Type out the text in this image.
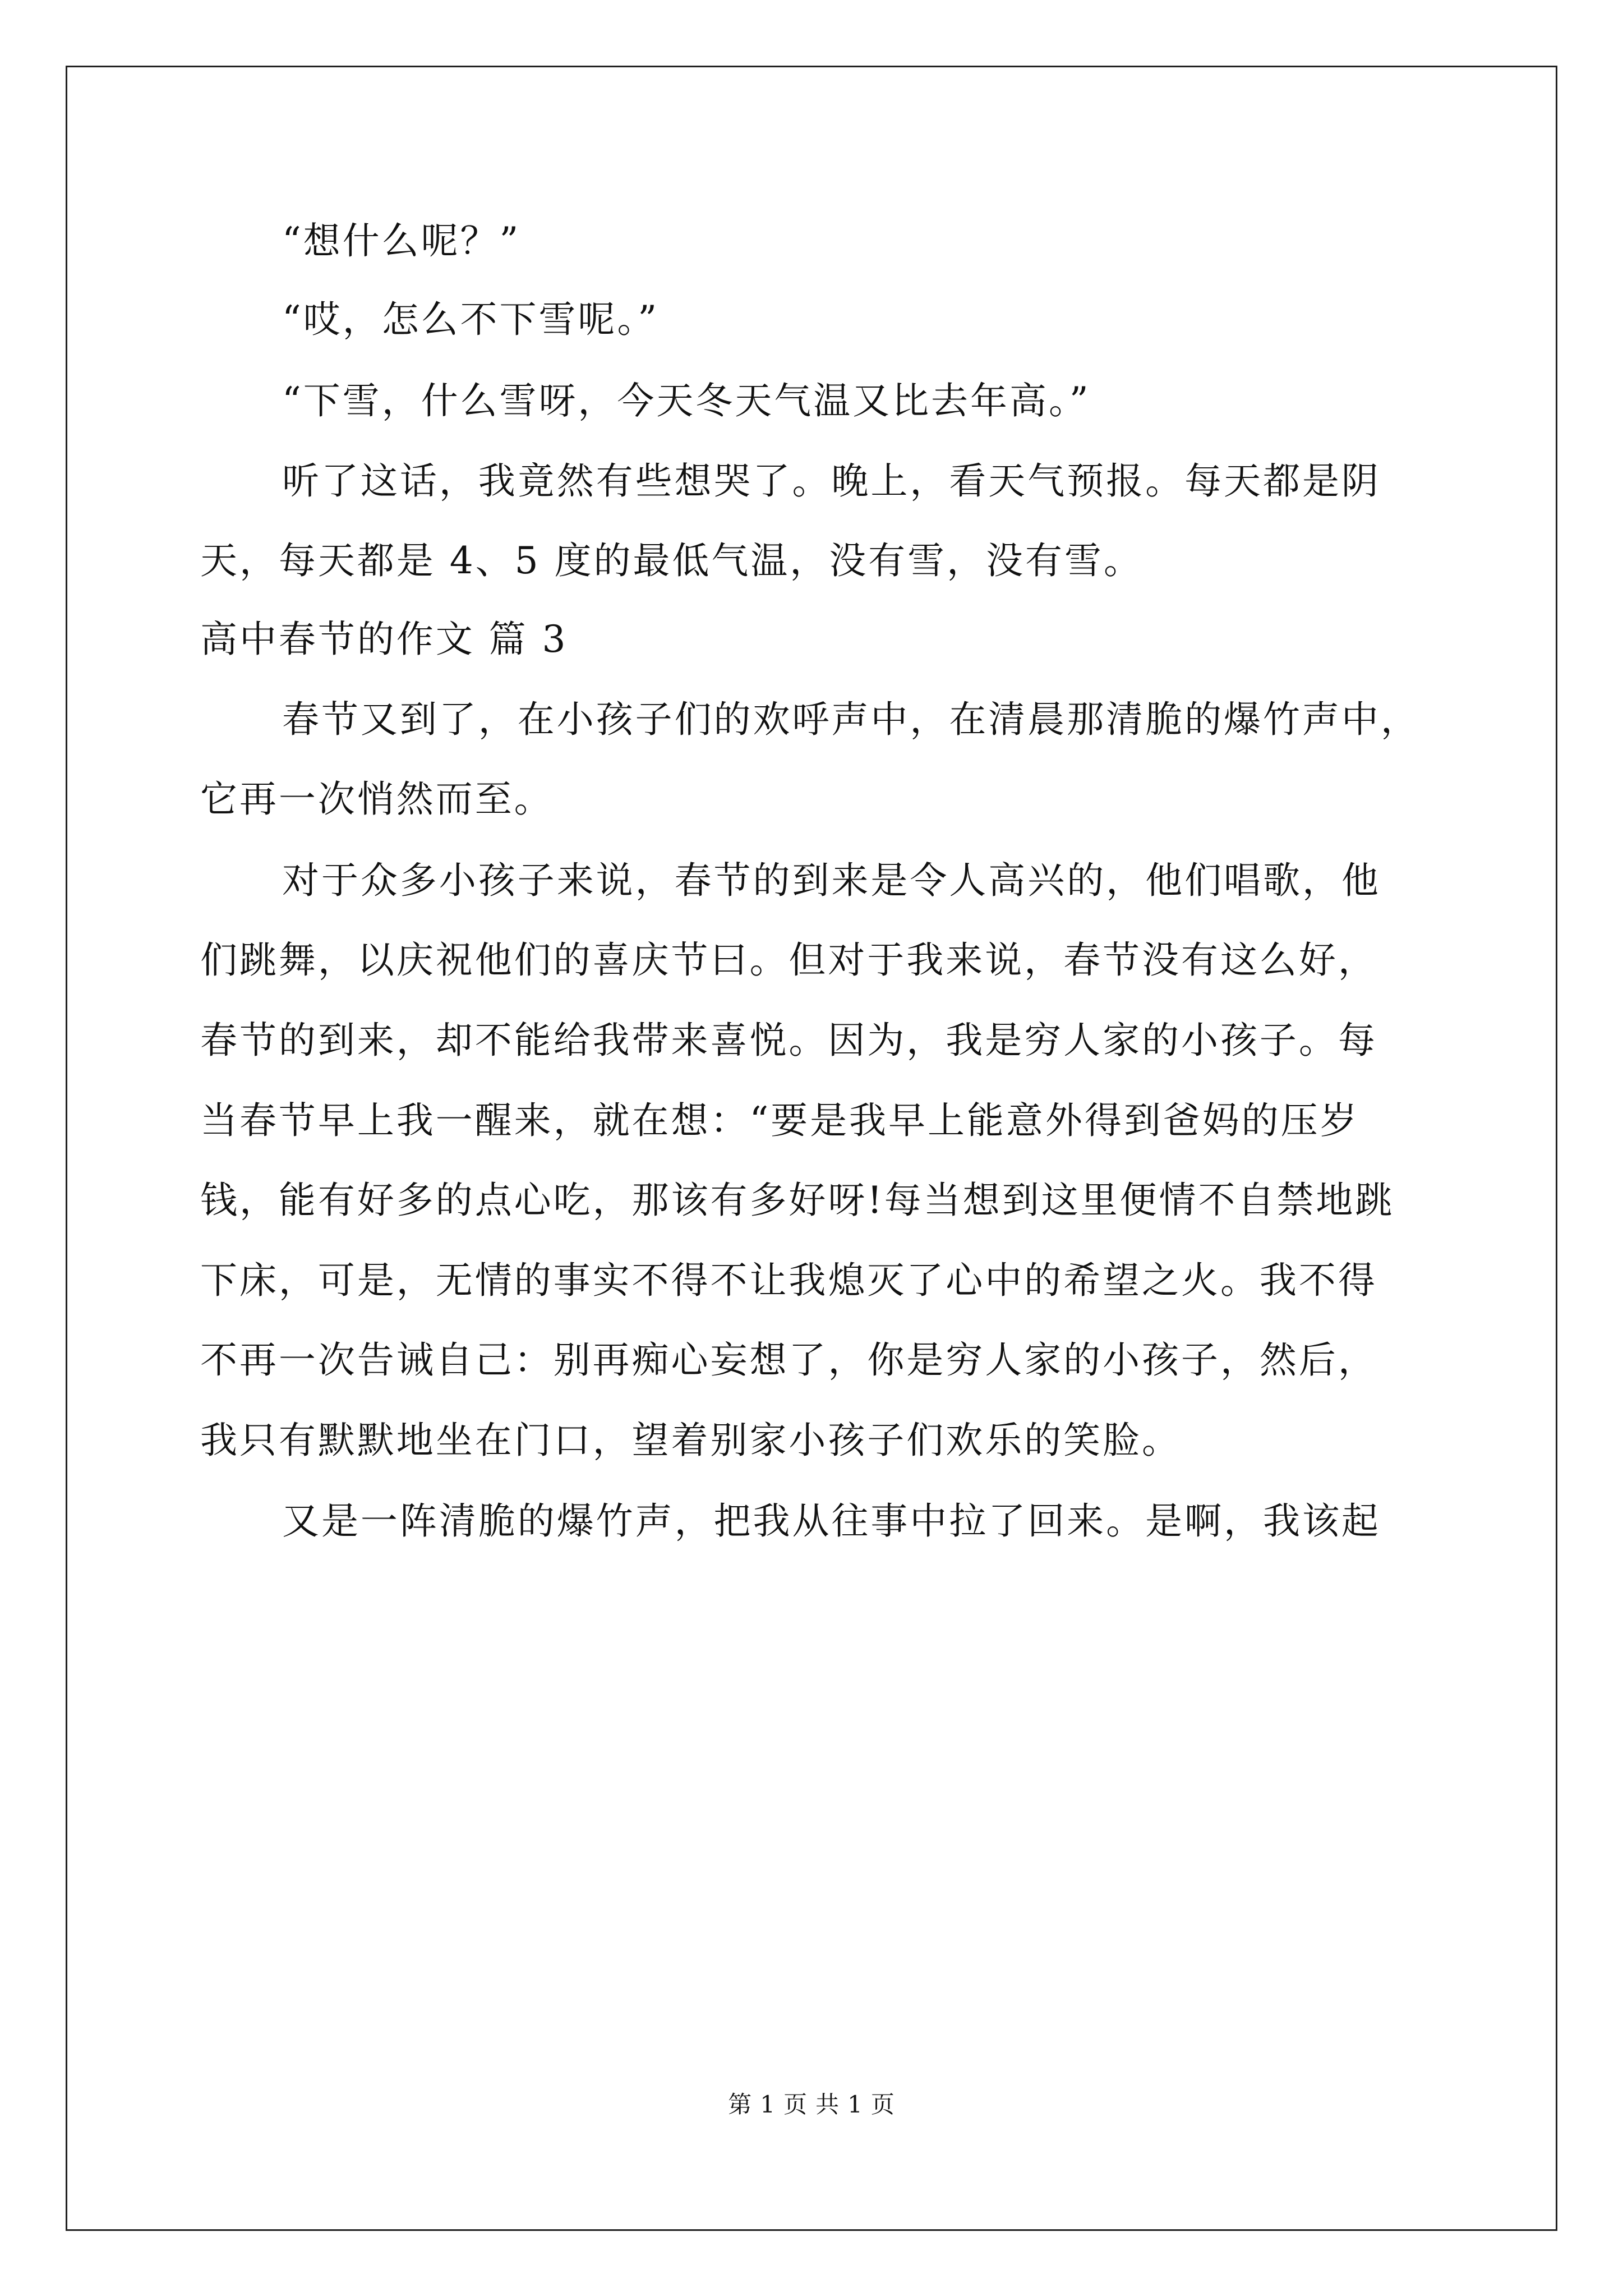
“想什么呢？”

“哎，怎么不下雪呢。”

“下雪，什么雪呀，今天冬天气温又比去年高。”

听了这话，我竟然有些想哭了。晚上，看天气预报。每天都是阴

天，每天都是 4、5 度的最低气温，没有雪，没有雪。

高中春节的作文 篇 3

春节又到了，在小孩子们的欢呼声中，在清晨那清脆的爆竹声中，

它再一次悄然而至。

对于众多小孩子来说，春节的到来是令人高兴的，他们唱歌，他

们跳舞，以庆祝他们的喜庆节曰。但对于我来说，春节没有这么好，

春节的到来，却不能给我带来喜悦。因为，我是穷人家的小孩子。每

当春节早上我一醒来，就在想：“要是我早上能意外得到爸妈的压岁

钱，能有好多的点心吃，那该有多好呀!每当想到这里便情不自禁地跳

下床，可是，无情的事实不得不让我熄灭了心中的希望之火。我不得

不再一次告诫自己：别再痴心妄想了，你是穷人家的小孩子，然后，

我只有默默地坐在门口，望着别家小孩子们欢乐的笑脸。

又是一阵清脆的爆竹声，把我从往事中拉了回来。是啊，我该起

第 1 页 共 1 页
